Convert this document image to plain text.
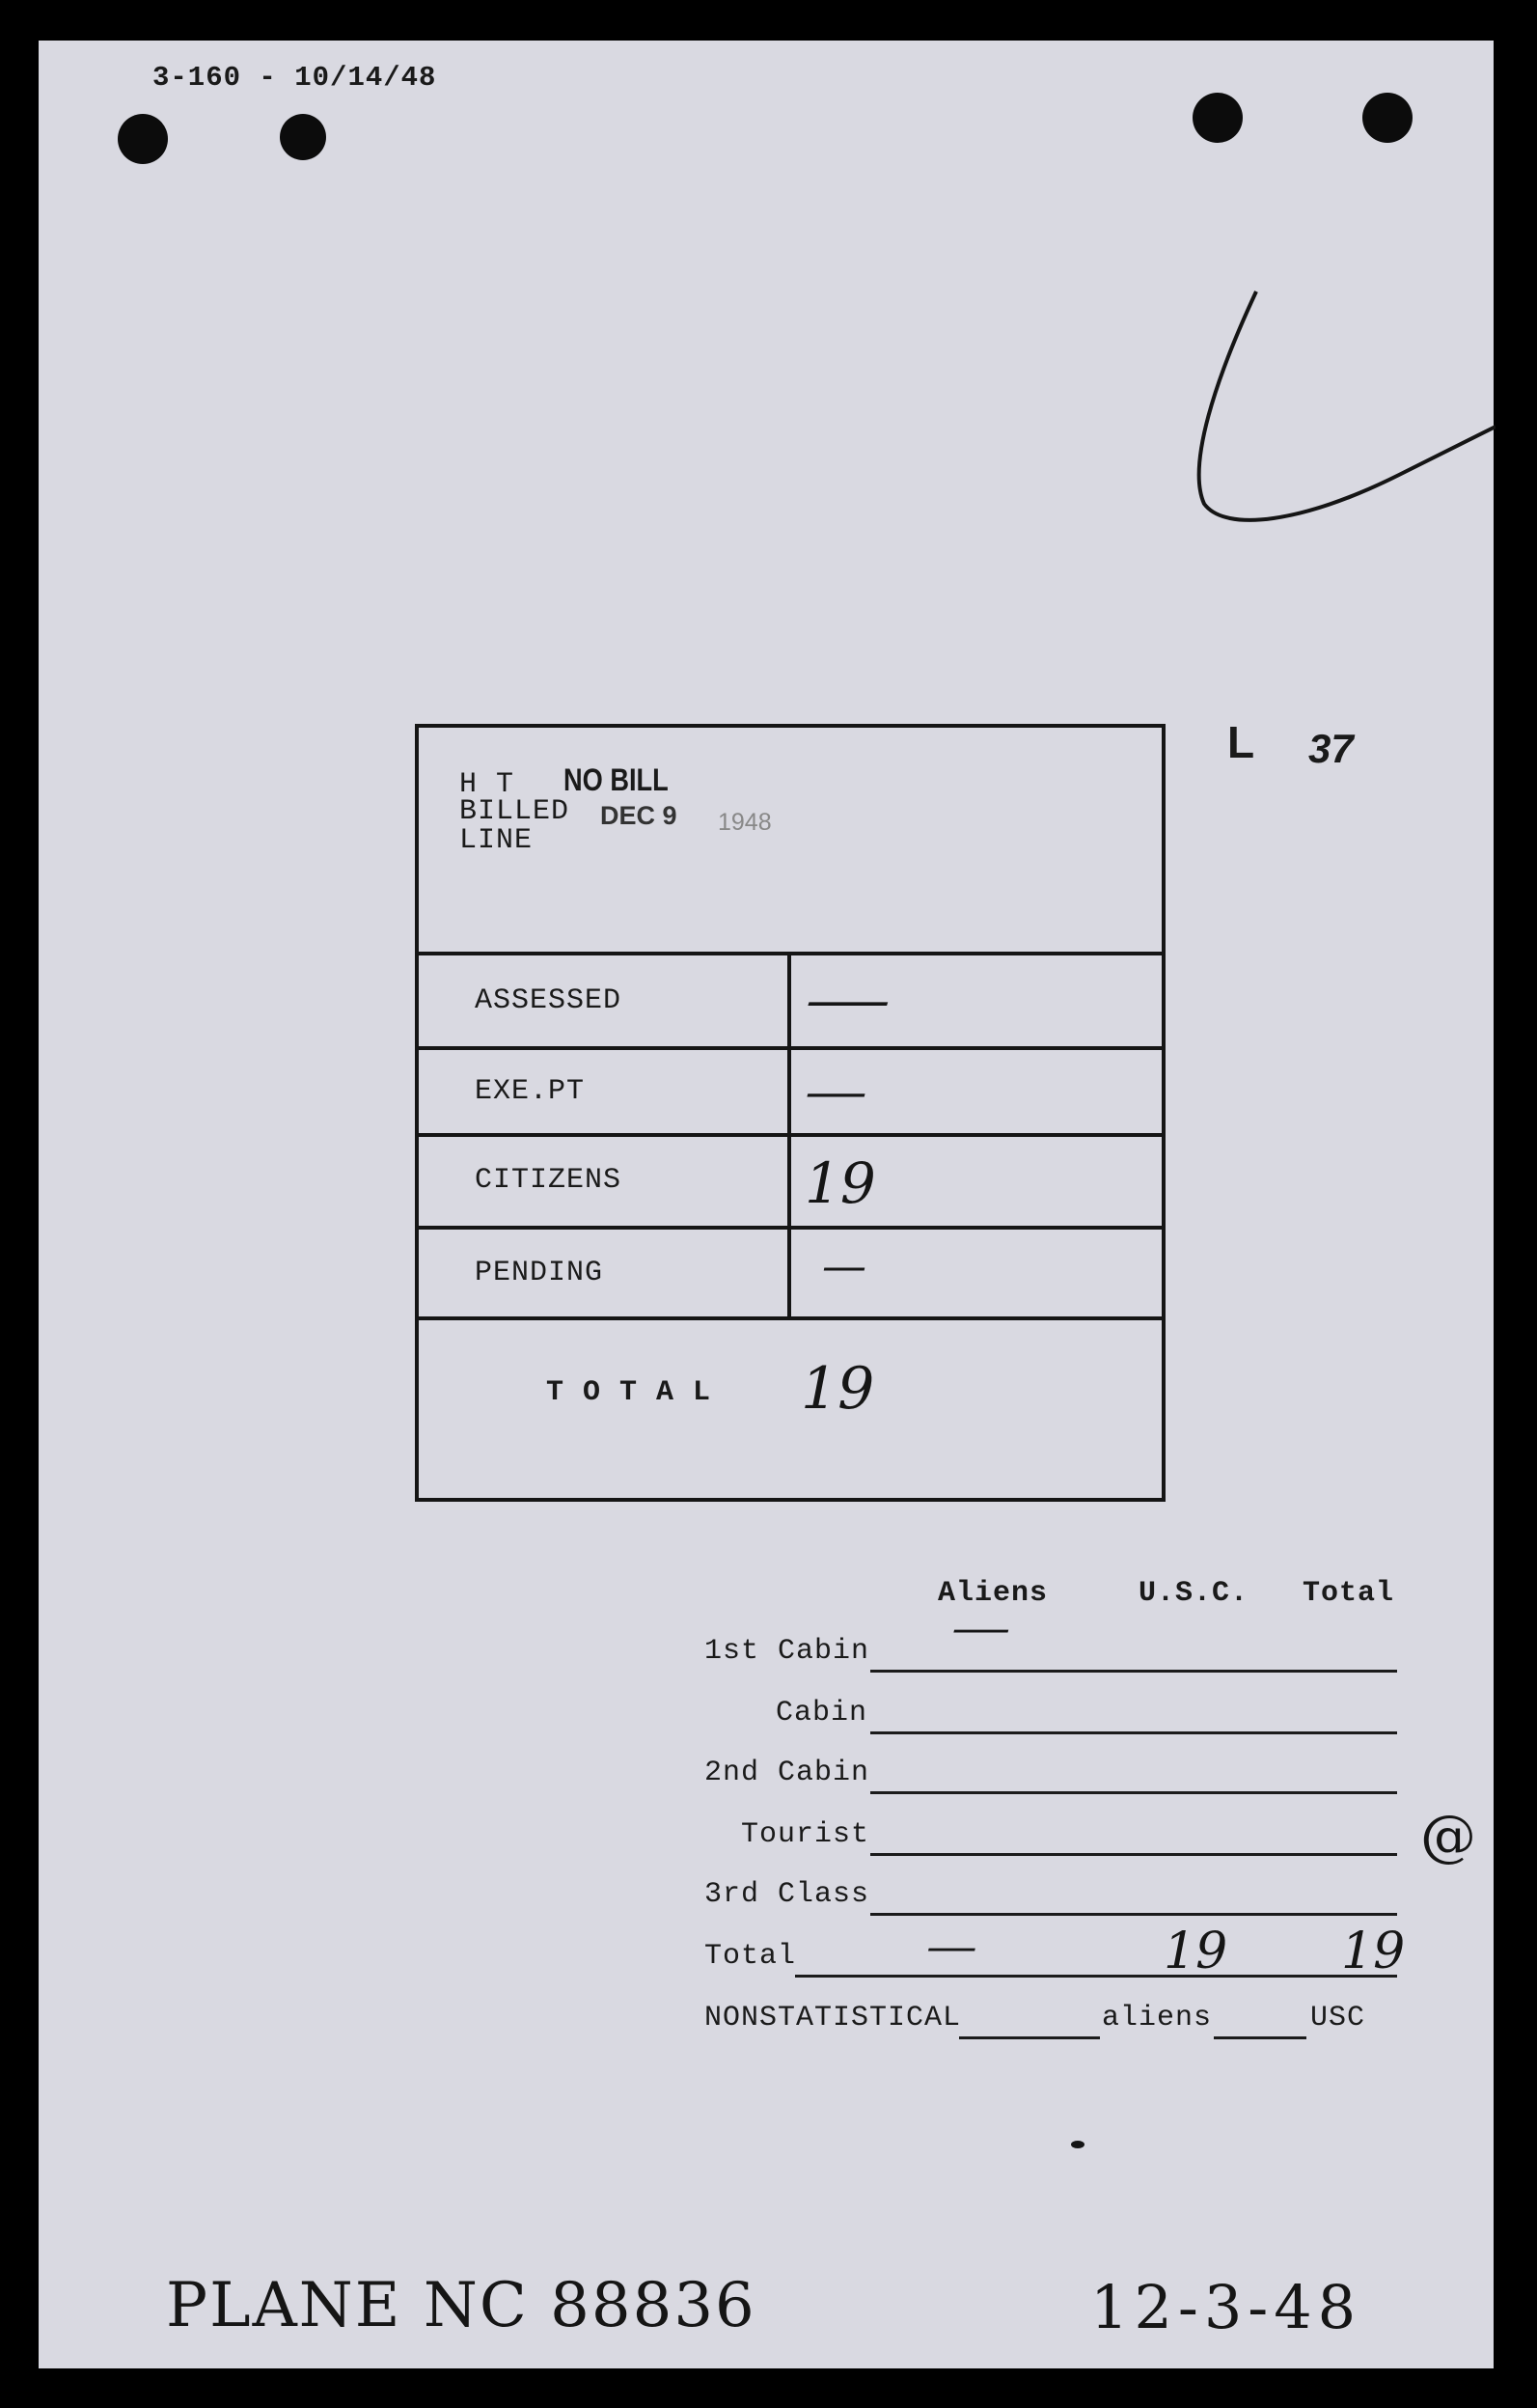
3-160 - 10/14/48
L 37
H T
BILLED
LINE
NO BILL
DEC 9 1948
ASSESSED	—
EXE.PT	—
CITIZENS	19
PENDING	—
T O T A L 19
Aliens	U.S.C. Total
1st Cabin —
Cabin
2nd Cabin
Tourist
3rd Class
Total	—	19 19
@
NONSTATISTICAL	aliens	USC
PLANE NC 88836	12-3-48
